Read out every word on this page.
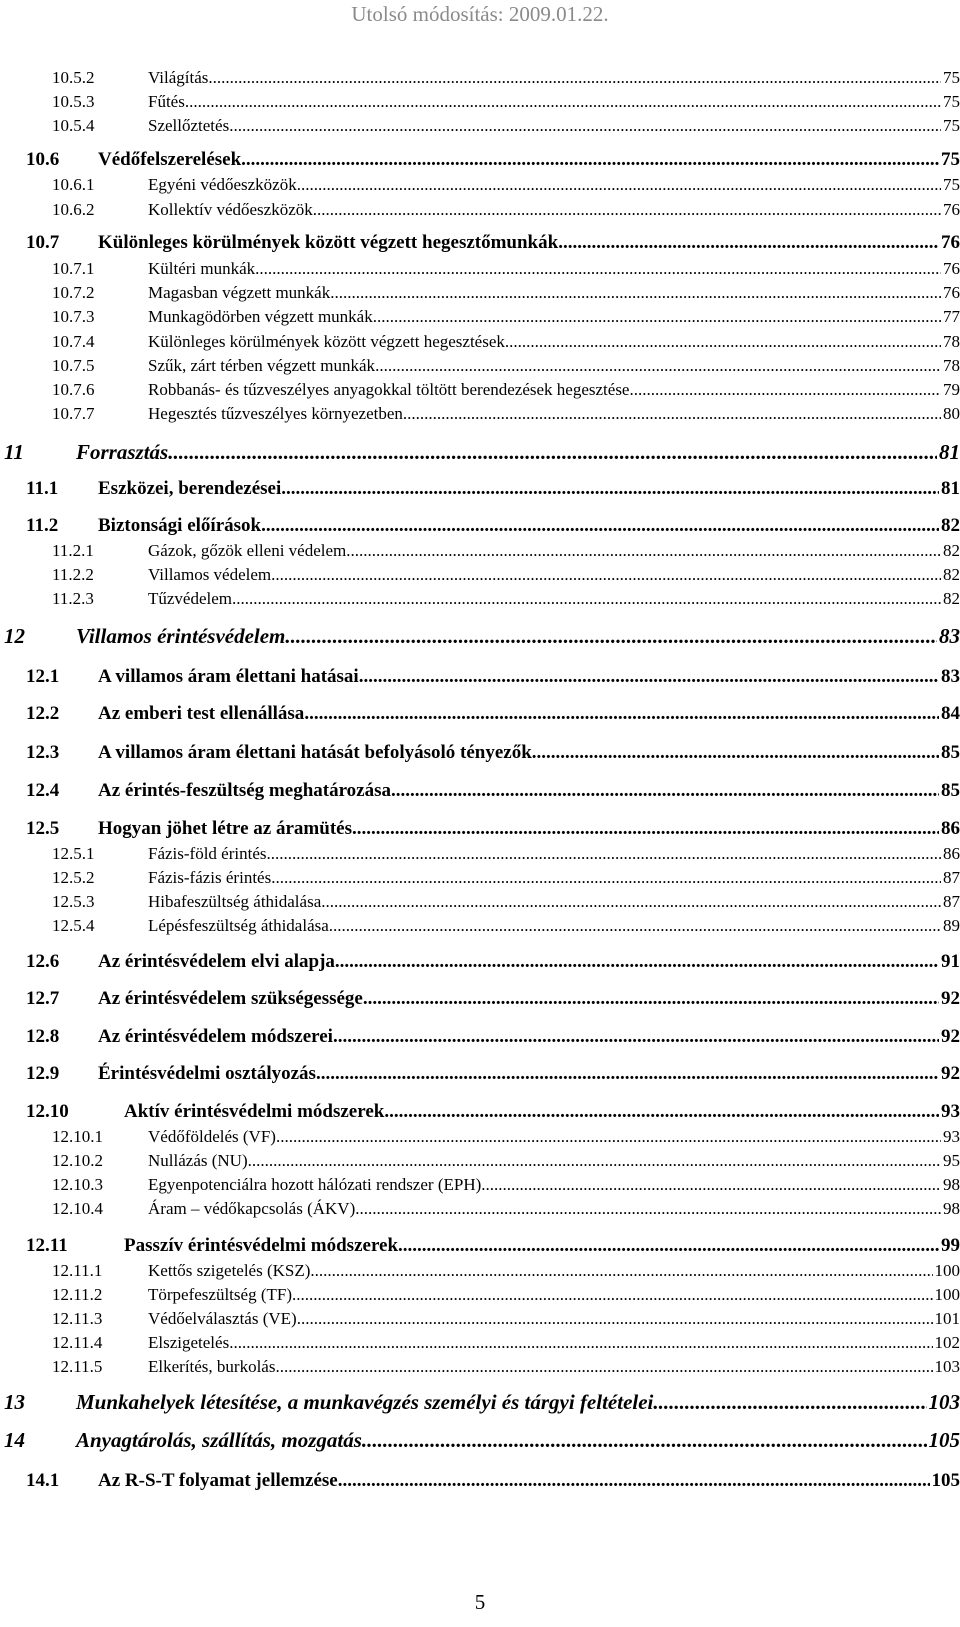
Utolsó módosítás: 2009.01.22.
10.5.2	Világítás .....	75
10.5.3	Fűtés .....	75
10.5.4	Szellőztetés .....	75
10.6	Védőfelszerelések .....	75
10.6.1	Egyéni védőeszközök .....	75
10.6.2	Kollektív védőeszközök .....	76
10.7	Különleges körülmények között végzett hegesztőmunkák .....	76
10.7.1	Kültéri munkák .....	76
10.7.2	Magasban végzett munkák .....	76
10.7.3	Munkagödörben végzett munkák .....	77
10.7.4	Különleges körülmények között végzett hegesztések .....	78
10.7.5	Szűk, zárt térben végzett munkák .....	78
10.7.6	Robbanás- és tűzveszélyes anyagokkal töltött berendezések hegesztése .....	79
10.7.7	Hegesztés tűzveszélyes környezetben .....	80
11	Forrasztás .....	81
11.1	Eszközei, berendezései .....	81
11.2	Biztonsági előírások .....	82
11.2.1	Gázok, gőzök elleni védelem .....	82
11.2.2	Villamos védelem .....	82
11.2.3	Tűzvédelem .....	82
12	Villamos érintésvédelem .....	83
12.1	A villamos áram élettani hatásai .....	83
12.2	Az emberi test ellenállása .....	84
12.3	A villamos áram élettani hatását befolyásoló tényezők .....	85
12.4	Az érintés-feszültség meghatározása .....	85
12.5	Hogyan jöhet létre az áramütés .....	86
12.5.1	Fázis-föld érintés .....	86
12.5.2	Fázis-fázis érintés .....	87
12.5.3	Hibafeszültség áthidalása .....	87
12.5.4	Lépésfeszültség áthidalása .....	89
12.6	Az érintésvédelem elvi alapja .....	91
12.7	Az érintésvédelem szükségessége .....	92
12.8	Az érintésvédelem módszerei .....	92
12.9	Érintésvédelmi osztályozás .....	92
12.10	Aktív érintésvédelmi módszerek .....	93
12.10.1	Védőföldelés (VF) .....	93
12.10.2	Nullázás (NU) .....	95
12.10.3	Egyenpotenciálra hozott hálózati rendszer (EPH) .....	98
12.10.4	Áram – védőkapcsolás (ÁKV) .....	98
12.11	Passzív érintésvédelmi módszerek .....	99
12.11.1	Kettős szigetelés (KSZ) .....	100
12.11.2	Törpefeszültség (TF) .....	100
12.11.3	Védőelválasztás (VE) .....	101
12.11.4	Elszigetelés .....	102
12.11.5	Elkerítés, burkolás .....	103
13	Munkahelyek létesítése, a munkavégzés személyi és tárgyi feltételei .....	103
14	Anyagtárolás, szállítás, mozgatás .....	105
14.1	Az R-S-T folyamat jellemzése .....	105
5
